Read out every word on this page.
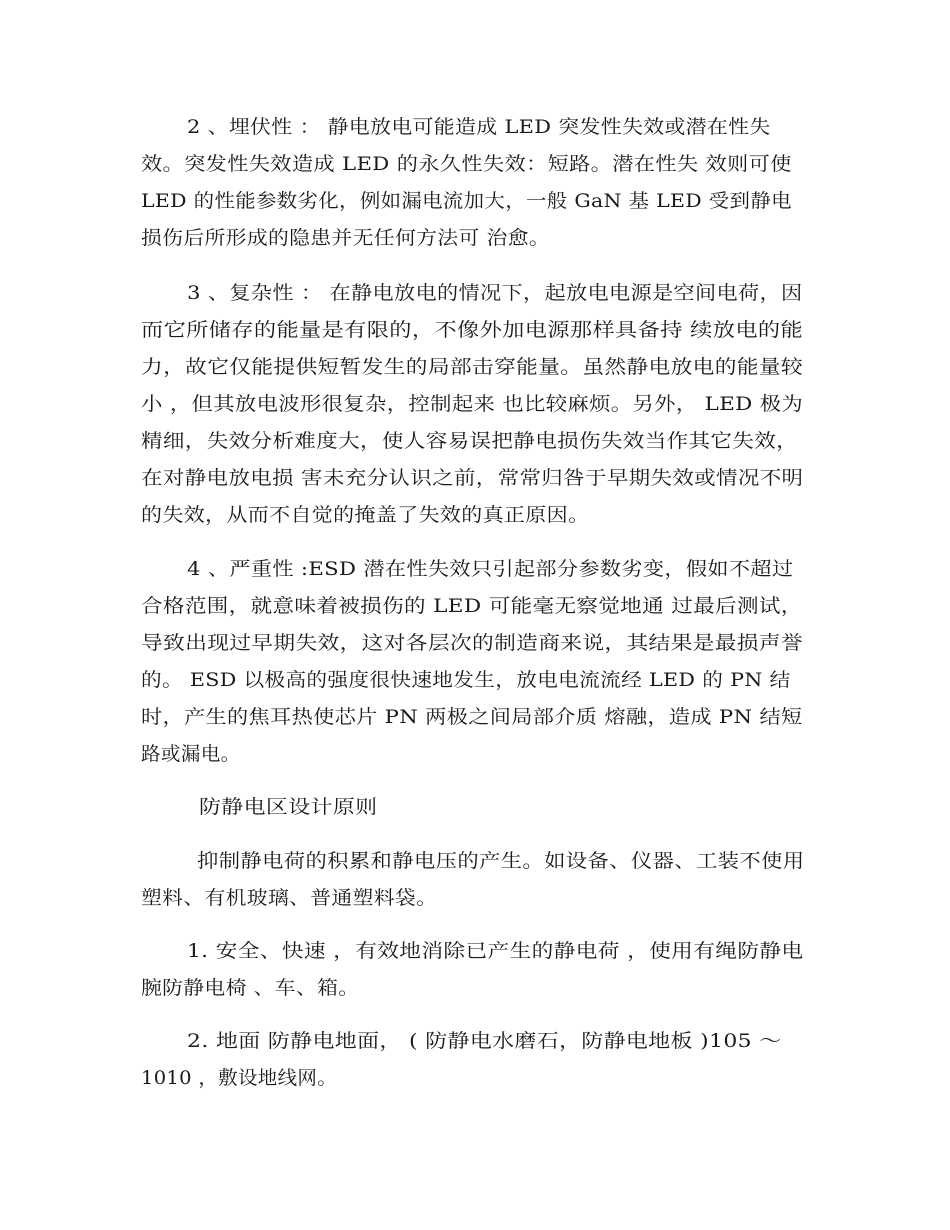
2 、埋伏性 ： 静电放电可能造成 LED 突发性失效或潜在性失
效。突发性失效造成 LED 的永久性失效：短路。潜在性失 效则可使
LED 的性能参数劣化，例如漏电流加大，一般 GaN 基 LED 受到静电
损伤后所形成的隐患并无任何方法可 治愈。
3 、复杂性 ： 在静电放电的情况下，起放电电源是空间电荷，因
而它所储存的能量是有限的，不像外加电源那样具备持 续放电的能
力，故它仅能提供短暂发生的局部击穿能量。虽然静电放电的能量较
小 ，但其放电波形很复杂，控制起来 也比较麻烦。另外， LED 极为
精细，失效分析难度大，使人容易误把静电损伤失效当作其它失效，
在对静电放电损 害未充分认识之前，常常归咎于早期失效或情况不明
的失效，从而不自觉的掩盖了失效的真正原因。
4 、严重性 :ESD 潜在性失效只引起部分参数劣变，假如不超过
合格范围，就意味着被损伤的 LED 可能毫无察觉地通 过最后测试，
导致出现过早期失效，这对各层次的制造商来说，其结果是最损声誉
的。 ESD 以极高的强度很快速地发生，放电电流流经 LED 的 PN 结
时，产生的焦耳热使芯片 PN 两极之间局部介质 熔融，造成 PN 结短
路或漏电。
防静电区设计原则
抑制静电荷的积累和静电压的产生。如设备、仪器、工装不使用
塑料、有机玻璃、普通塑料袋。
1. 安全、快速 ，有效地消除已产生的静电荷 ，使用有绳防静电
腕防静电椅 、车、箱。
2. 地面 防静电地面， ( 防静电水磨石，防静电地板 )105 ～
1010 ，敷设地线网。
